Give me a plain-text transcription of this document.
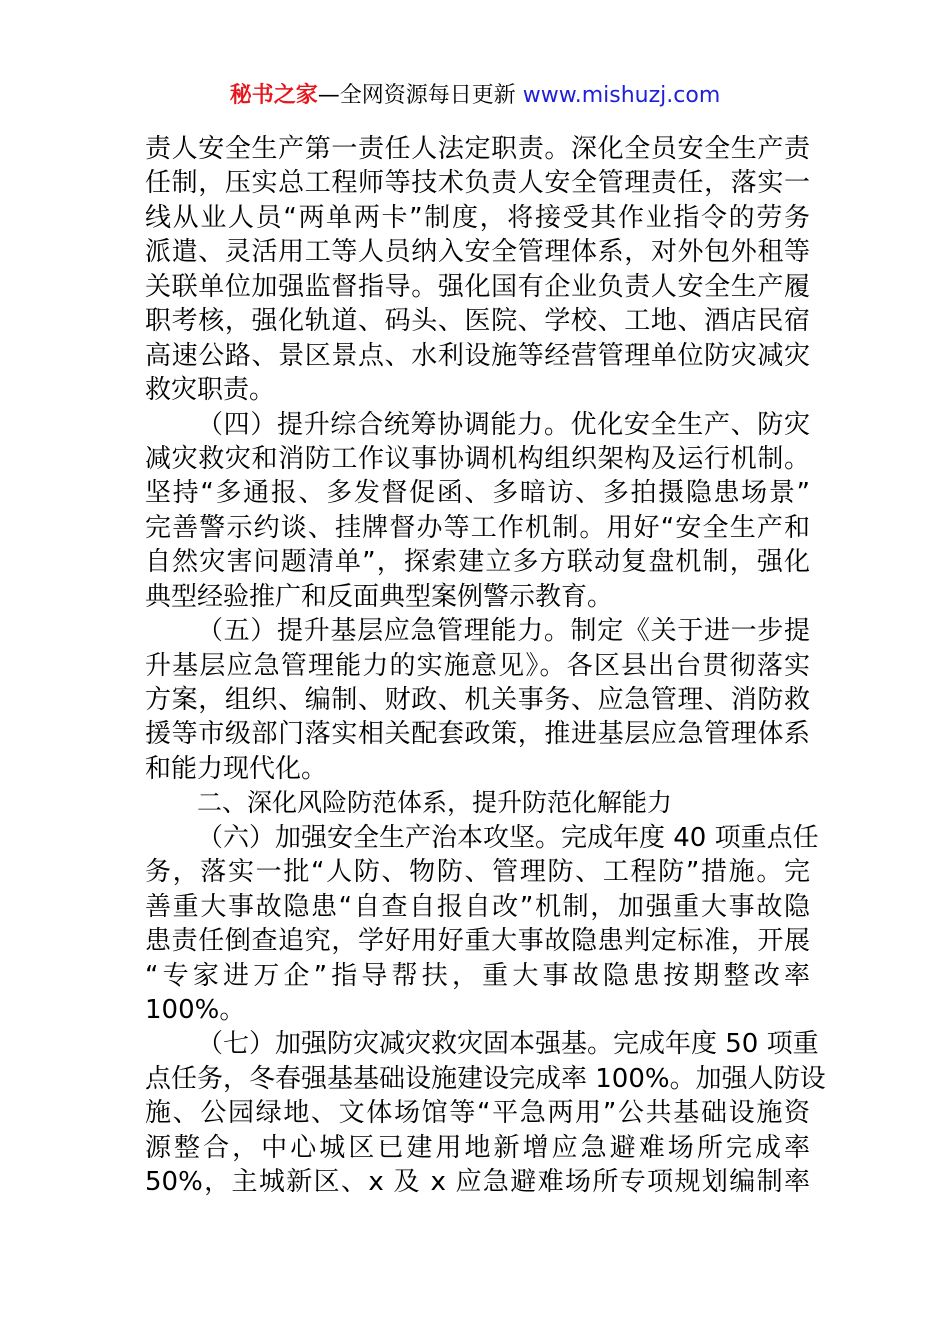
秘书之家—全网资源每日更新 www.mishuzj.com
责人安全生产第一责任人法定职责。深化全员安全生产责
任制，压实总工程师等技术负责人安全管理责任，落实一
线从业人员“两单两卡”制度，将接受其作业指令的劳务
派遣、灵活用工等人员纳入安全管理体系，对外包外租等
关联单位加强监督指导。强化国有企业负责人安全生产履
职考核，强化轨道、码头、医院、学校、工地、酒店民宿
高速公路、景区景点、水利设施等经营管理单位防灾减灾
救灾职责。
（四）提升综合统筹协调能力。优化安全生产、防灾
减灾救灾和消防工作议事协调机构组织架构及运行机制。
坚持“多通报、多发督促函、多暗访、多拍摄隐患场景”
完善警示约谈、挂牌督办等工作机制。用好“安全生产和
自然灾害问题清单”，探索建立多方联动复盘机制，强化
典型经验推广和反面典型案例警示教育。
（五）提升基层应急管理能力。制定《关于进一步提
升基层应急管理能力的实施意见》。各区县出台贯彻落实
方案，组织、编制、财政、机关事务、应急管理、消防救
援等市级部门落实相关配套政策，推进基层应急管理体系
和能力现代化。
二、深化风险防范体系，提升防范化解能力
（六）加强安全生产治本攻坚。完成年度 40 项重点任
务，落实一批“人防、物防、管理防、工程防”措施。完
善重大事故隐患“自查自报自改”机制，加强重大事故隐
患责任倒查追究，学好用好重大事故隐患判定标准，开展
“专家进万企”指导帮扶，重大事故隐患按期整改率
100%。
（七）加强防灾减灾救灾固本强基。完成年度 50 项重
点任务，冬春强基基础设施建设完成率 100%。加强人防设
施、公园绿地、文体场馆等“平急两用”公共基础设施资
源整合，中心城区已建用地新增应急避难场所完成率
50%，主城新区、x 及 x 应急避难场所专项规划编制率
